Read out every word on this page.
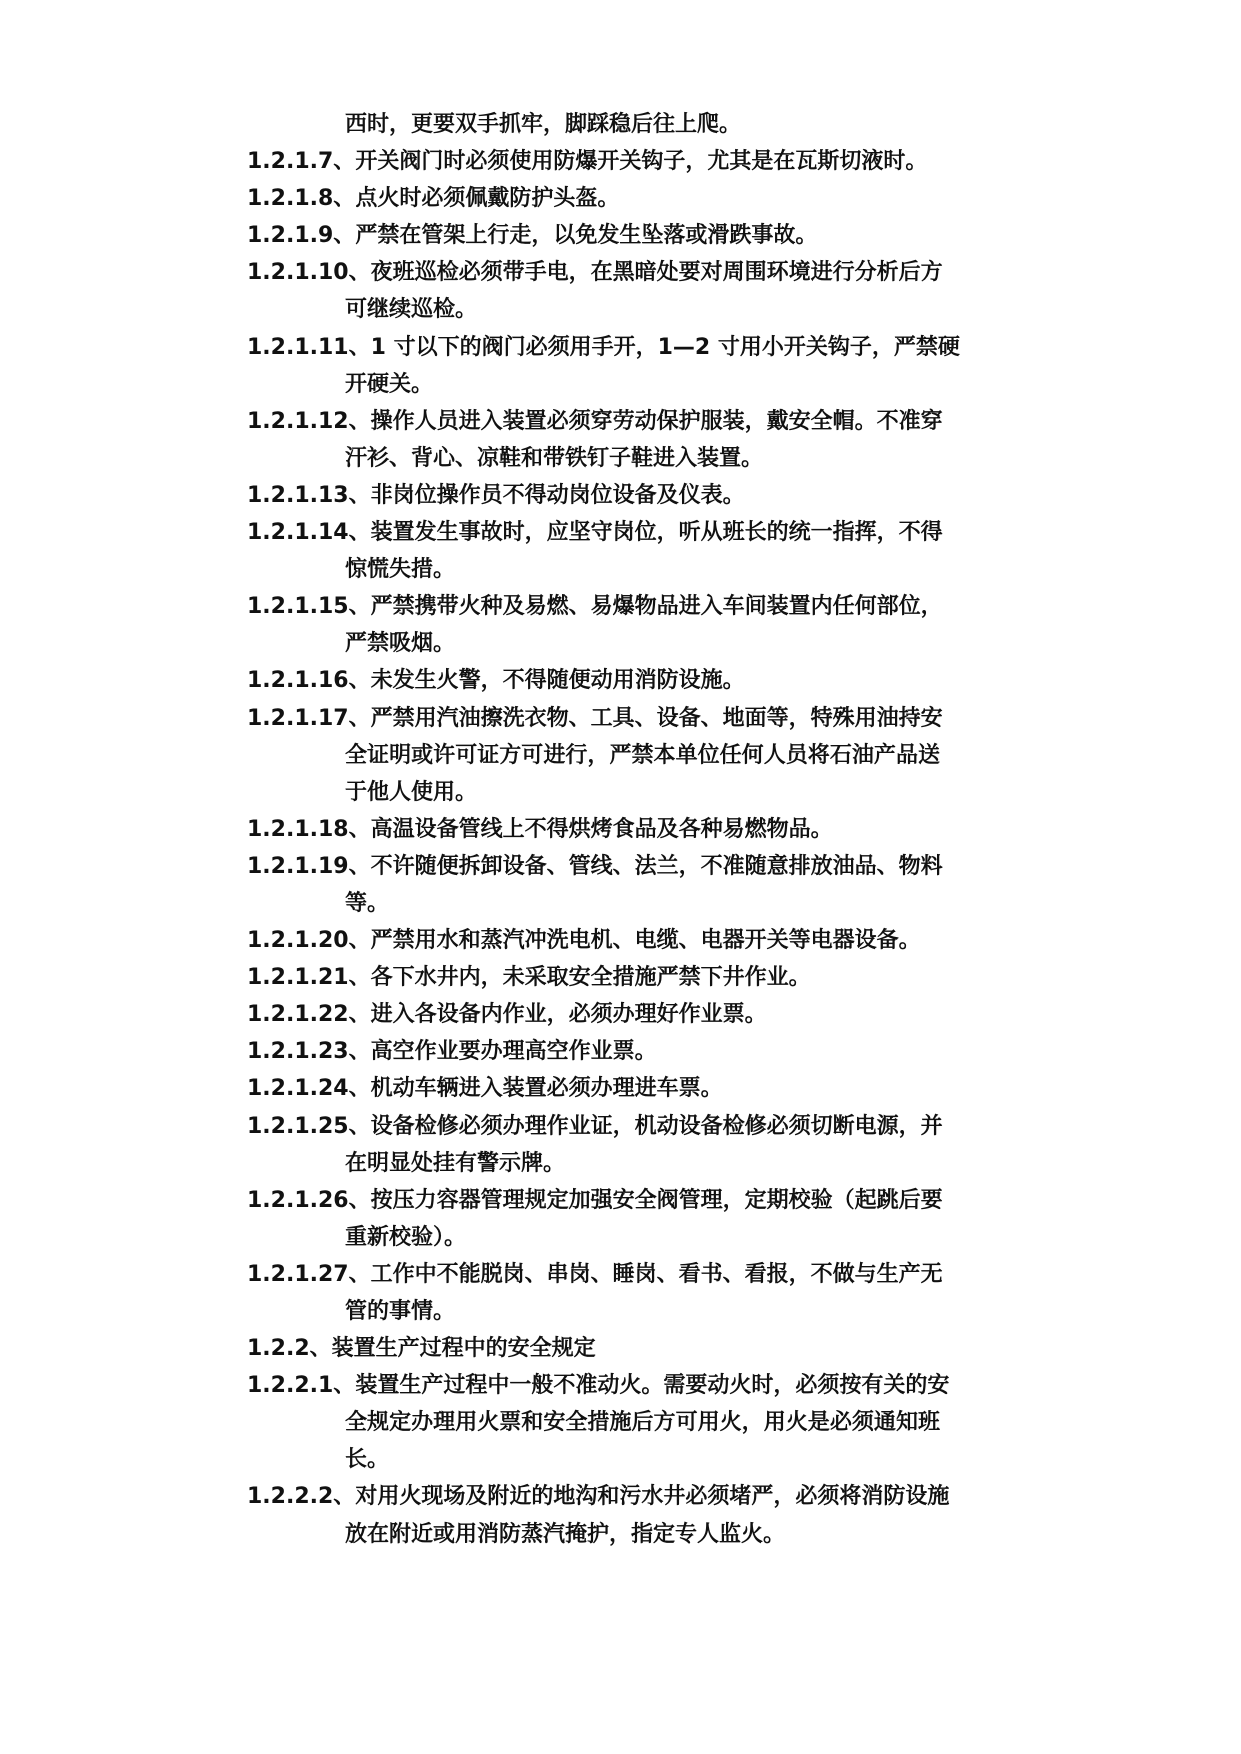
西时，更要双手抓牢，脚踩稳后往上爬。
1.2.1.7、开关阀门时必须使用防爆开关钩子，尤其是在瓦斯切液时。
1.2.1.8、点火时必须佩戴防护头盔。
1.2.1.9、严禁在管架上行走，以免发生坠落或滑跌事故。
1.2.1.10、夜班巡检必须带手电，在黑暗处要对周围环境进行分析后方
可继续巡检。
1.2.1.11、1 寸以下的阀门必须用手开，1—2 寸用小开关钩子，严禁硬
开硬关。
1.2.1.12、操作人员进入装置必须穿劳动保护服装，戴安全帽。不准穿
汗衫、背心、凉鞋和带铁钉子鞋进入装置。
1.2.1.13、非岗位操作员不得动岗位设备及仪表。
1.2.1.14、装置发生事故时，应坚守岗位，听从班长的统一指挥，不得
惊慌失措。
1.2.1.15、严禁携带火种及易燃、易爆物品进入车间装置内任何部位，
严禁吸烟。
1.2.1.16、未发生火警，不得随便动用消防设施。
1.2.1.17、严禁用汽油擦洗衣物、工具、设备、地面等，特殊用油持安
全证明或许可证方可进行，严禁本单位任何人员将石油产品送
于他人使用。
1.2.1.18、高温设备管线上不得烘烤食品及各种易燃物品。
1.2.1.19、不许随便拆卸设备、管线、法兰，不准随意排放油品、物料
等。
1.2.1.20、严禁用水和蒸汽冲洗电机、电缆、电器开关等电器设备。
1.2.1.21、各下水井内，未采取安全措施严禁下井作业。
1.2.1.22、进入各设备内作业，必须办理好作业票。
1.2.1.23、高空作业要办理高空作业票。
1.2.1.24、机动车辆进入装置必须办理进车票。
1.2.1.25、设备检修必须办理作业证，机动设备检修必须切断电源，并
在明显处挂有警示牌。
1.2.1.26、按压力容器管理规定加强安全阀管理，定期校验（起跳后要
重新校验）。
1.2.1.27、工作中不能脱岗、串岗、睡岗、看书、看报，不做与生产无
管的事情。
1.2.2、装置生产过程中的安全规定
1.2.2.1、装置生产过程中一般不准动火。需要动火时，必须按有关的安
全规定办理用火票和安全措施后方可用火，用火是必须通知班
长。
1.2.2.2、对用火现场及附近的地沟和污水井必须堵严，必须将消防设施
放在附近或用消防蒸汽掩护，指定专人监火。
